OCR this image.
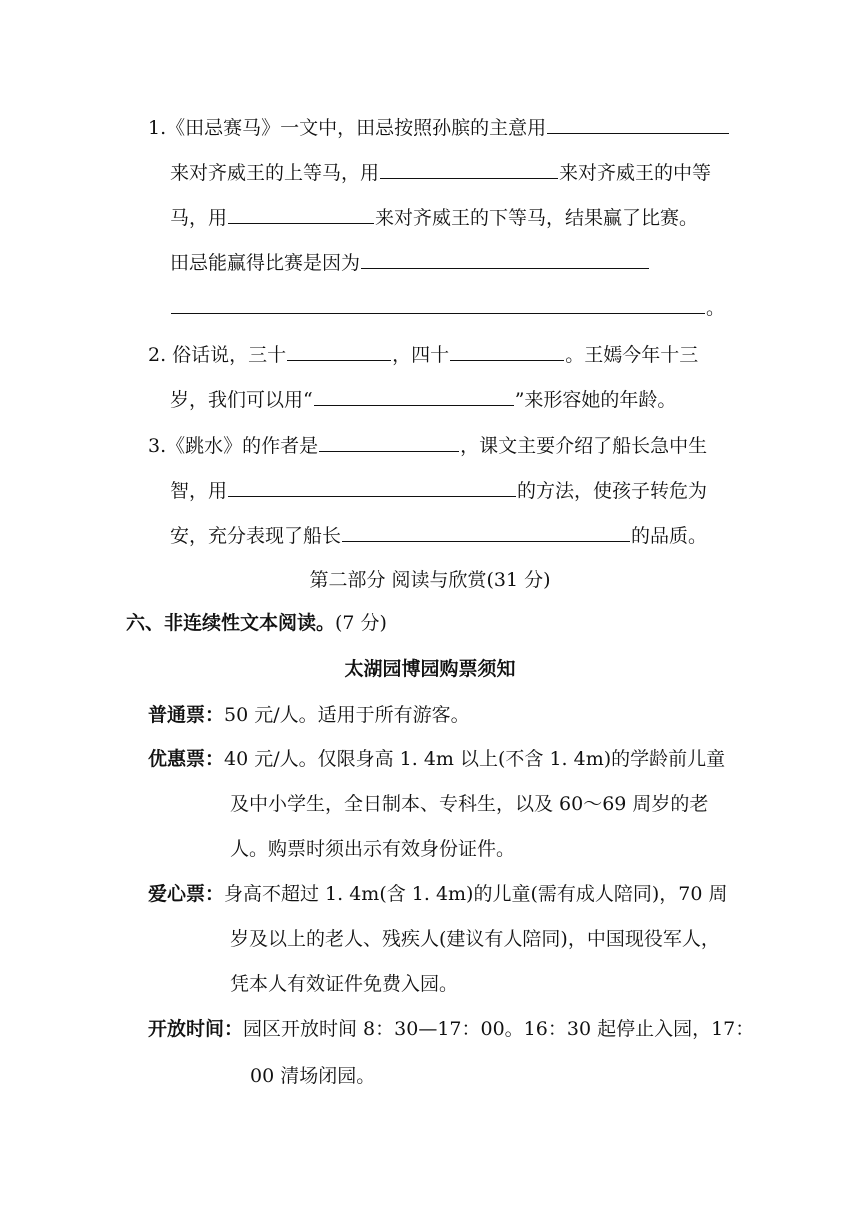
1.《田忌赛马》一文中，田忌按照孙膑的主意用
来对齐威王的上等马，用	来对齐威王的中等
马，用	来对齐威王的下等马，结果赢了比赛。
田忌能赢得比赛是因为
。
2. 俗话说，三十	，四十	。王嫣今年十三
岁，我们可以用“	”来形容她的年龄。
3.《跳水》的作者是	，课文主要介绍了船长急中生
智，用	的方法，使孩子转危为
安，充分表现了船长	的品质。
第二部分 阅读与欣赏(31 分)
六、非连续性文本阅读。(7 分)
太湖园博园购票须知
普通票：50 元/人。适用于所有游客。
优惠票：40 元/人。仅限身高 1. 4m 以上(不含 1. 4m)的学龄前儿童
及中小学生，全日制本、专科生，以及 60～69 周岁的老
人。购票时须出示有效身份证件。
爱心票：身高不超过 1. 4m(含 1. 4m)的儿童(需有成人陪同)，70 周
岁及以上的老人、残疾人(建议有人陪同)，中国现役军人，
凭本人有效证件免费入园。
开放时间：园区开放时间 8：30—17：00。16：30 起停止入园，17：
00 清场闭园。
